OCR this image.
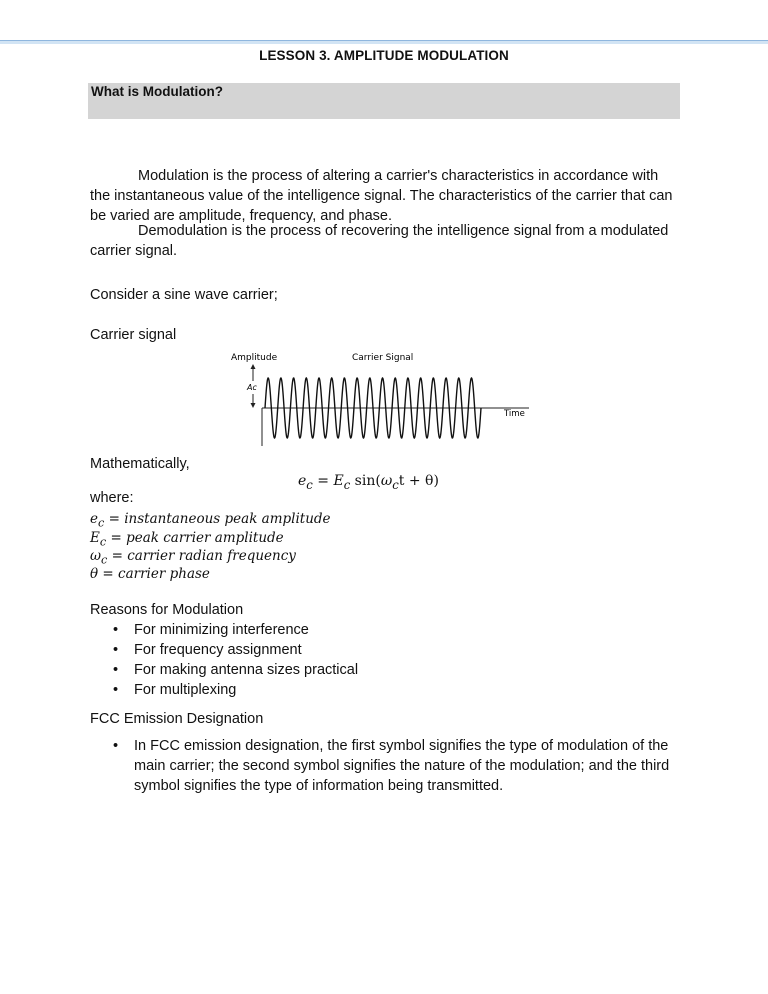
LESSON 3. AMPLITUDE MODULATION
What is Modulation?

Modulation is the process of altering a carrier's characteristics in accordance with the instantaneous value of the intelligence signal. The characteristics of the carrier that can be varied are amplitude, frequency, and phase.

Demodulation is the process of recovering the intelligence signal from a modulated carrier signal.

Consider a sine wave carrier;

Carrier signal

Amplitude	Carrier Signal
Ac
Time

Mathematically,

$e_c = E_c$ $\sin(\omega_ct + \theta)$

where:

$e_c$ = instantaneous peak amplitude
$E_c$ = peak carrier amplitude
$\omega_c$ = carrier radian frequency
θ = carrier phase

Reasons for Modulation

• For minimizing interference
• For frequency assignment
• For making antenna sizes practical
• For multiplexing

FCC Emission Designation

• In FCC emission designation, the first symbol signifies the type of modulation of the main carrier; the second symbol signifies the nature of the modulation; and the third symbol signifies the type of information being transmitted.
